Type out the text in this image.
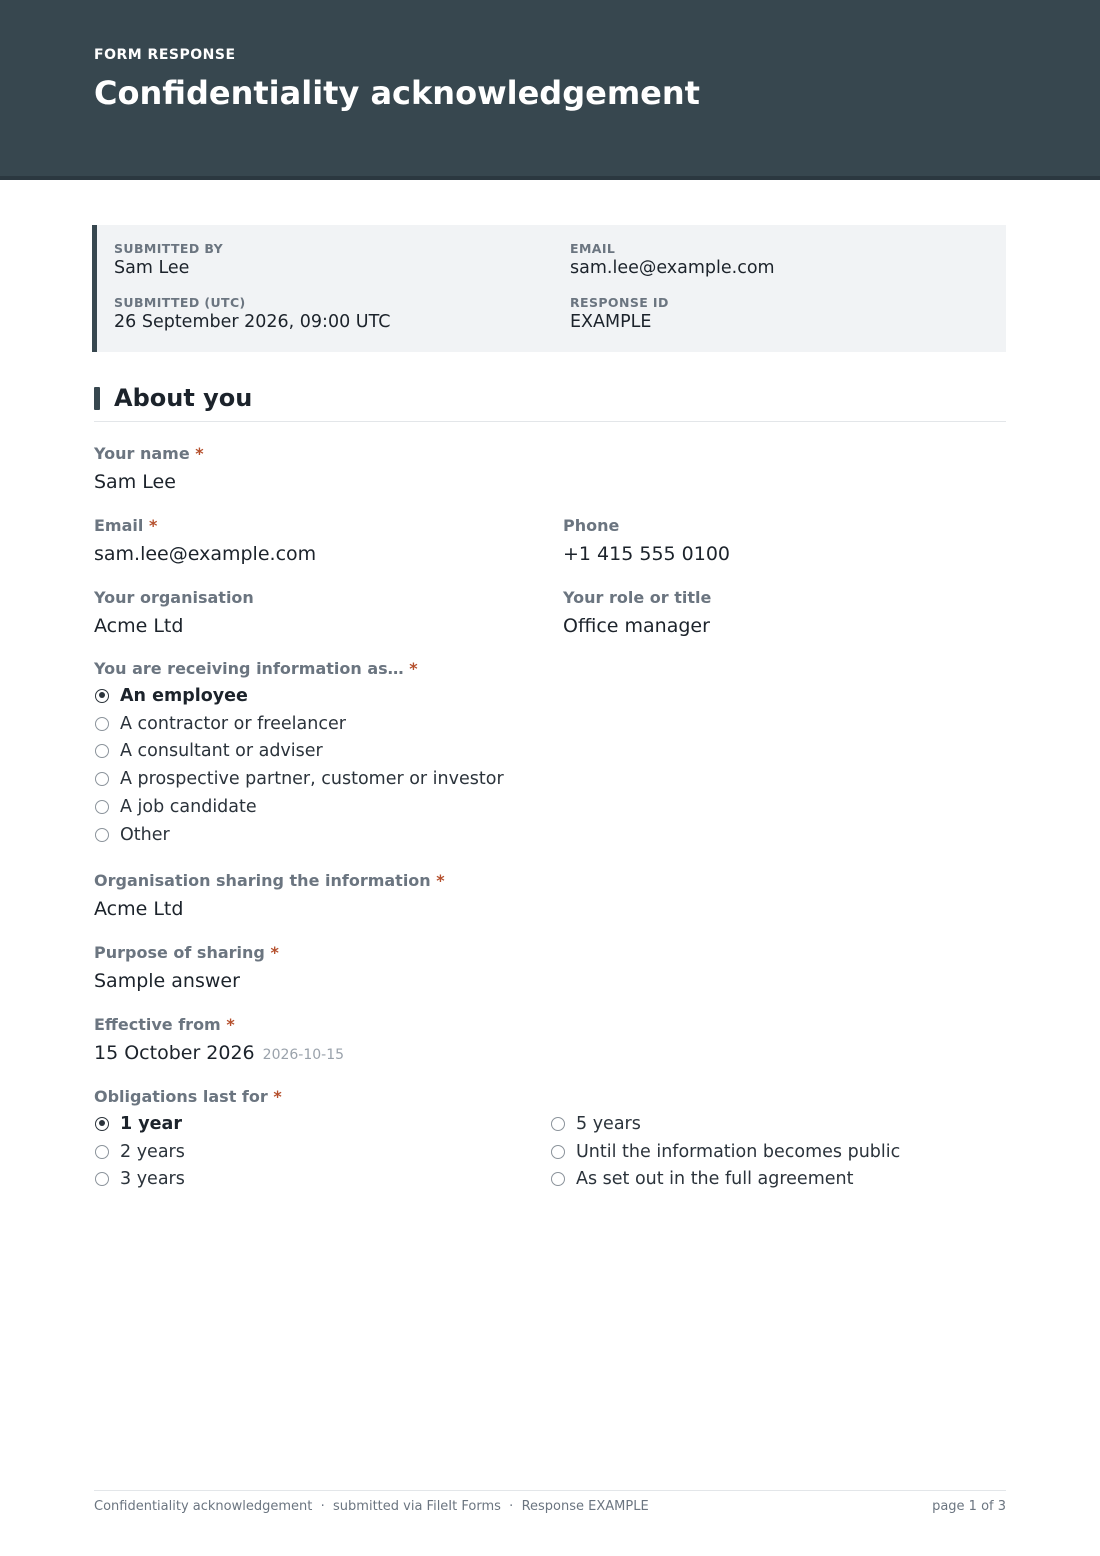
FORM RESPONSE
Confidentiality acknowledgement
SUBMITTED BY
Sam Lee
EMAIL
sam.lee@example.com
SUBMITTED (UTC)
26 September 2026, 09:00 UTC
RESPONSE ID
EXAMPLE
About you
Your name *
Sam Lee
Email *
sam.lee@example.com
Phone
+1 415 555 0100
Your organisation
Acme Ltd
Your role or title
Office manager
You are receiving information as… *
An employee
A contractor or freelancer
A consultant or adviser
A prospective partner, customer or investor
A job candidate
Other
Organisation sharing the information *
Acme Ltd
Purpose of sharing *
Sample answer
Effective from *
15 October 2026 2026-10-15
Obligations last for *
1 year
2 years
3 years
5 years
Until the information becomes public
As set out in the full agreement
Confidentiality acknowledgement · submitted via FileIt Forms · Response EXAMPLE	page 1 of 3
